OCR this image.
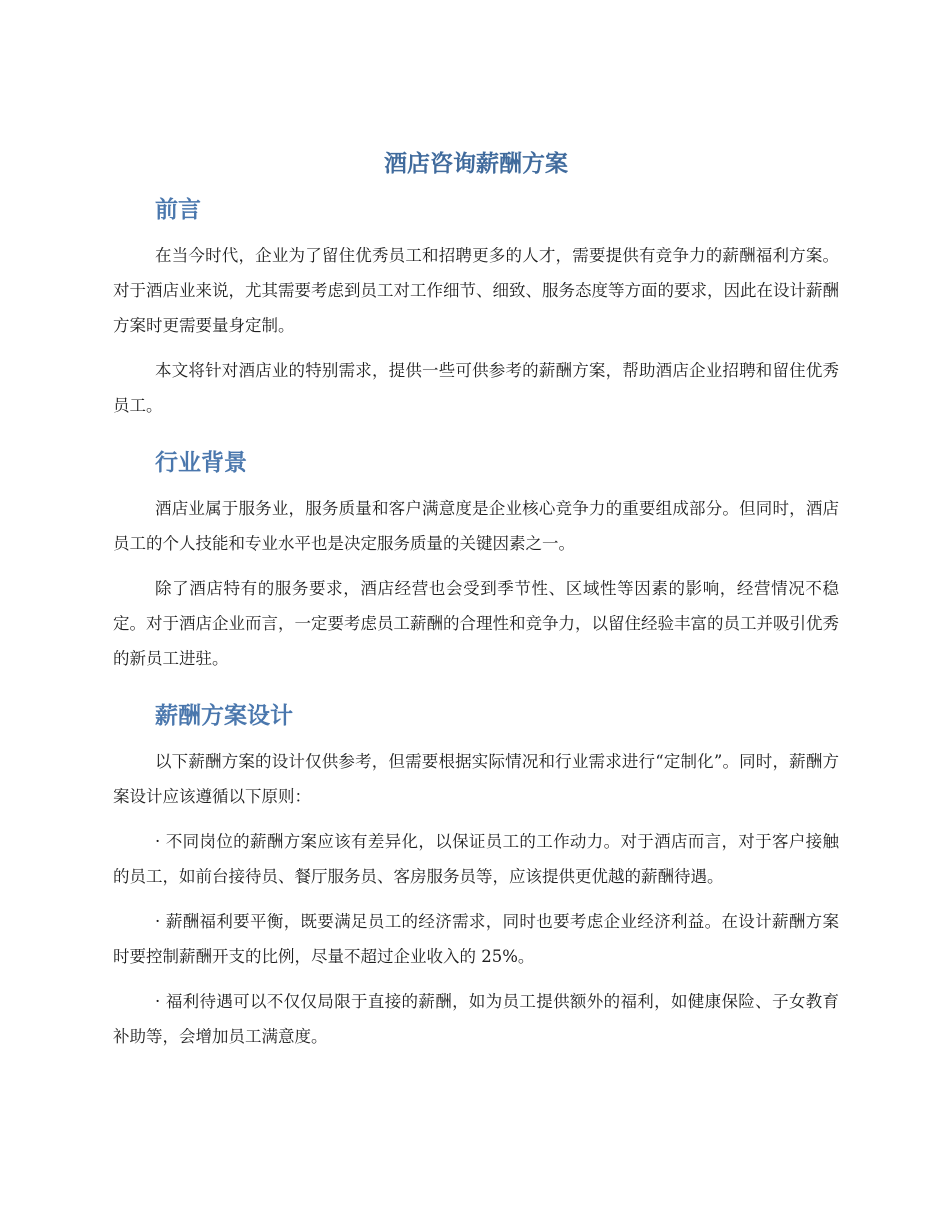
酒店咨询薪酬方案
前言

在当今时代，企业为了留住优秀员工和招聘更多的人才，需要提供有竞争力的薪酬福利方案。对于酒店业来说，尤其需要考虑到员工对工作细节、细致、服务态度等方面的要求，因此在设计薪酬方案时更需要量身定制。

本文将针对酒店业的特别需求，提供一些可供参考的薪酬方案，帮助酒店企业招聘和留住优秀员工。

行业背景

酒店业属于服务业，服务质量和客户满意度是企业核心竞争力的重要组成部分。但同时，酒店员工的个人技能和专业水平也是决定服务质量的关键因素之一。

除了酒店特有的服务要求，酒店经营也会受到季节性、区域性等因素的影响，经营情况不稳定。对于酒店企业而言，一定要考虑员工薪酬的合理性和竞争力，以留住经验丰富的员工并吸引优秀的新员工进驻。

薪酬方案设计

以下薪酬方案的设计仅供参考，但需要根据实际情况和行业需求进行“定制化”。同时，薪酬方案设计应该遵循以下原则：

· 不同岗位的薪酬方案应该有差异化，以保证员工的工作动力。对于酒店而言，对于客户接触的员工，如前台接待员、餐厅服务员、客房服务员等，应该提供更优越的薪酬待遇。

· 薪酬福利要平衡，既要满足员工的经济需求，同时也要考虑企业经济利益。在设计薪酬方案时要控制薪酬开支的比例，尽量不超过企业收入的 25%。

· 福利待遇可以不仅仅局限于直接的薪酬，如为员工提供额外的福利，如健康保险、子女教育补助等，会增加员工满意度。
